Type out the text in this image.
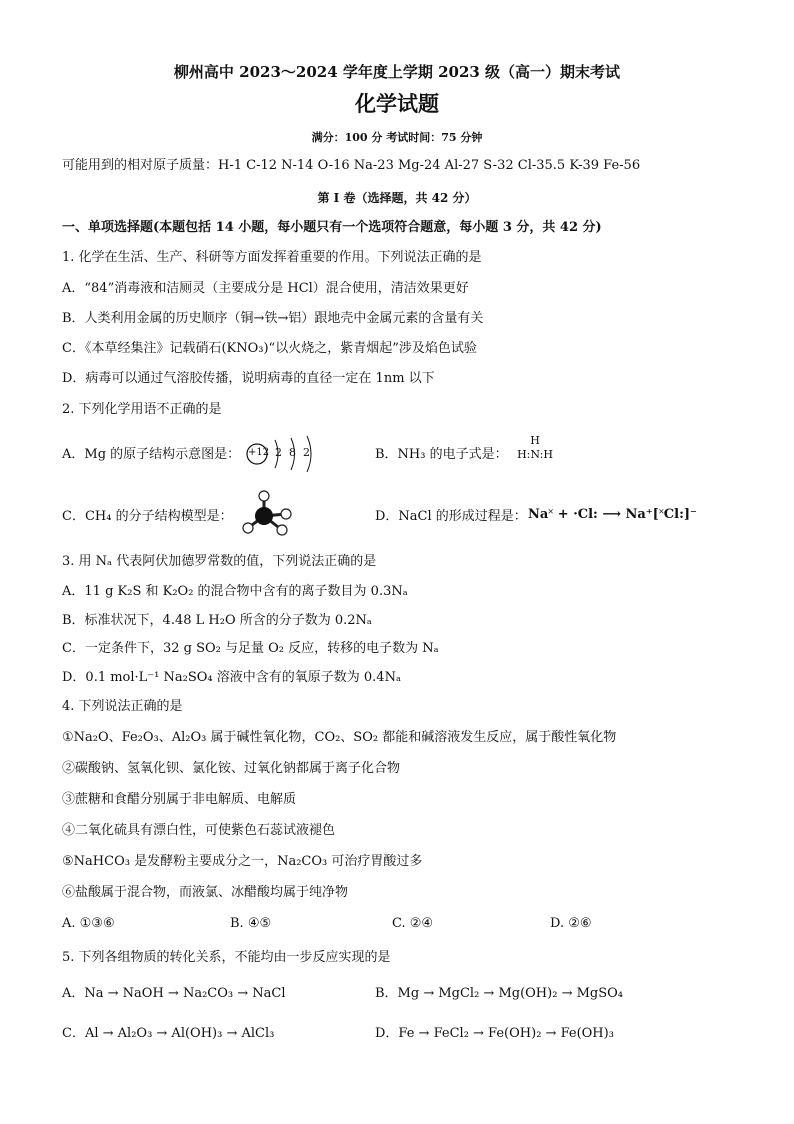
柳州高中 2023～2024 学年度上学期 2023 级（高一）期末考试
化学试题
满分：100 分 考试时间：75 分钟
可能用到的相对原子质量：H-1 C-12 N-14 O-16 Na-23 Mg-24 Al-27 S-32 Cl-35.5 K-39 Fe-56
第 I 卷（选择题，共 42 分）
一、单项选择题(本题包括 14 小题，每小题只有一个选项符合题意，每小题 3 分，共 42 分)
1. 化学在生活、生产、科研等方面发挥着重要的作用。下列说法正确的是
A．“84”消毒液和洁厕灵（主要成分是 HCl）混合使用，清洁效果更好
B．人类利用金属的历史顺序（铜→铁→铝）跟地壳中金属元素的含量有关
C．《本草经集注》记载硝石(KNO₃)“以火烧之，紫青烟起”涉及焰色试验
D．病毒可以通过气溶胶传播，说明病毒的直径一定在 1nm 以下
2. 下列化学用语不正确的是
A．Mg 的原子结构示意图是： +12 2  8  2	B．NH₃ 的电子式是：
H
H:N:H
C．CH₄ 的分子结构模型是：	D．NaCl 的形成过程是： Na˟ + ·Cl: ⟶ Na⁺[˟Cl:]⁻
3. 用 Nₐ 代表阿伏加德罗常数的值，下列说法正确的是
A．11 g K₂S 和 K₂O₂ 的混合物中含有的离子数目为 0.3Nₐ
B．标准状况下，4.48 L H₂O 所含的分子数为 0.2Nₐ
C．一定条件下，32 g SO₂ 与足量 O₂ 反应，转移的电子数为 Nₐ
D．0.1 mol·L⁻¹ Na₂SO₄ 溶液中含有的氧原子数为 0.4Nₐ
4. 下列说法正确的是
①Na₂O、Fe₂O₃、Al₂O₃ 属于碱性氧化物，CO₂、SO₂ 都能和碱溶液发生反应，属于酸性氧化物
②碳酸钠、氢氧化钡、氯化铵、过氧化钠都属于离子化合物
③蔗糖和食醋分别属于非电解质、电解质
④二氧化硫具有漂白性，可使紫色石蕊试液褪色
⑤NaHCO₃ 是发酵粉主要成分之一，Na₂CO₃ 可治疗胃酸过多
⑥盐酸属于混合物，而液氯、冰醋酸均属于纯净物
A. ①③⑥	B. ④⑤	C. ②④	D. ②⑥
5. 下列各组物质的转化关系，不能均由一步反应实现的是
A．Na → NaOH → Na₂CO₃ → NaCl	B．Mg → MgCl₂ → Mg(OH)₂ → MgSO₄
C．Al → Al₂O₃ → Al(OH)₃ → AlCl₃	D．Fe → FeCl₂ → Fe(OH)₂ → Fe(OH)₃
